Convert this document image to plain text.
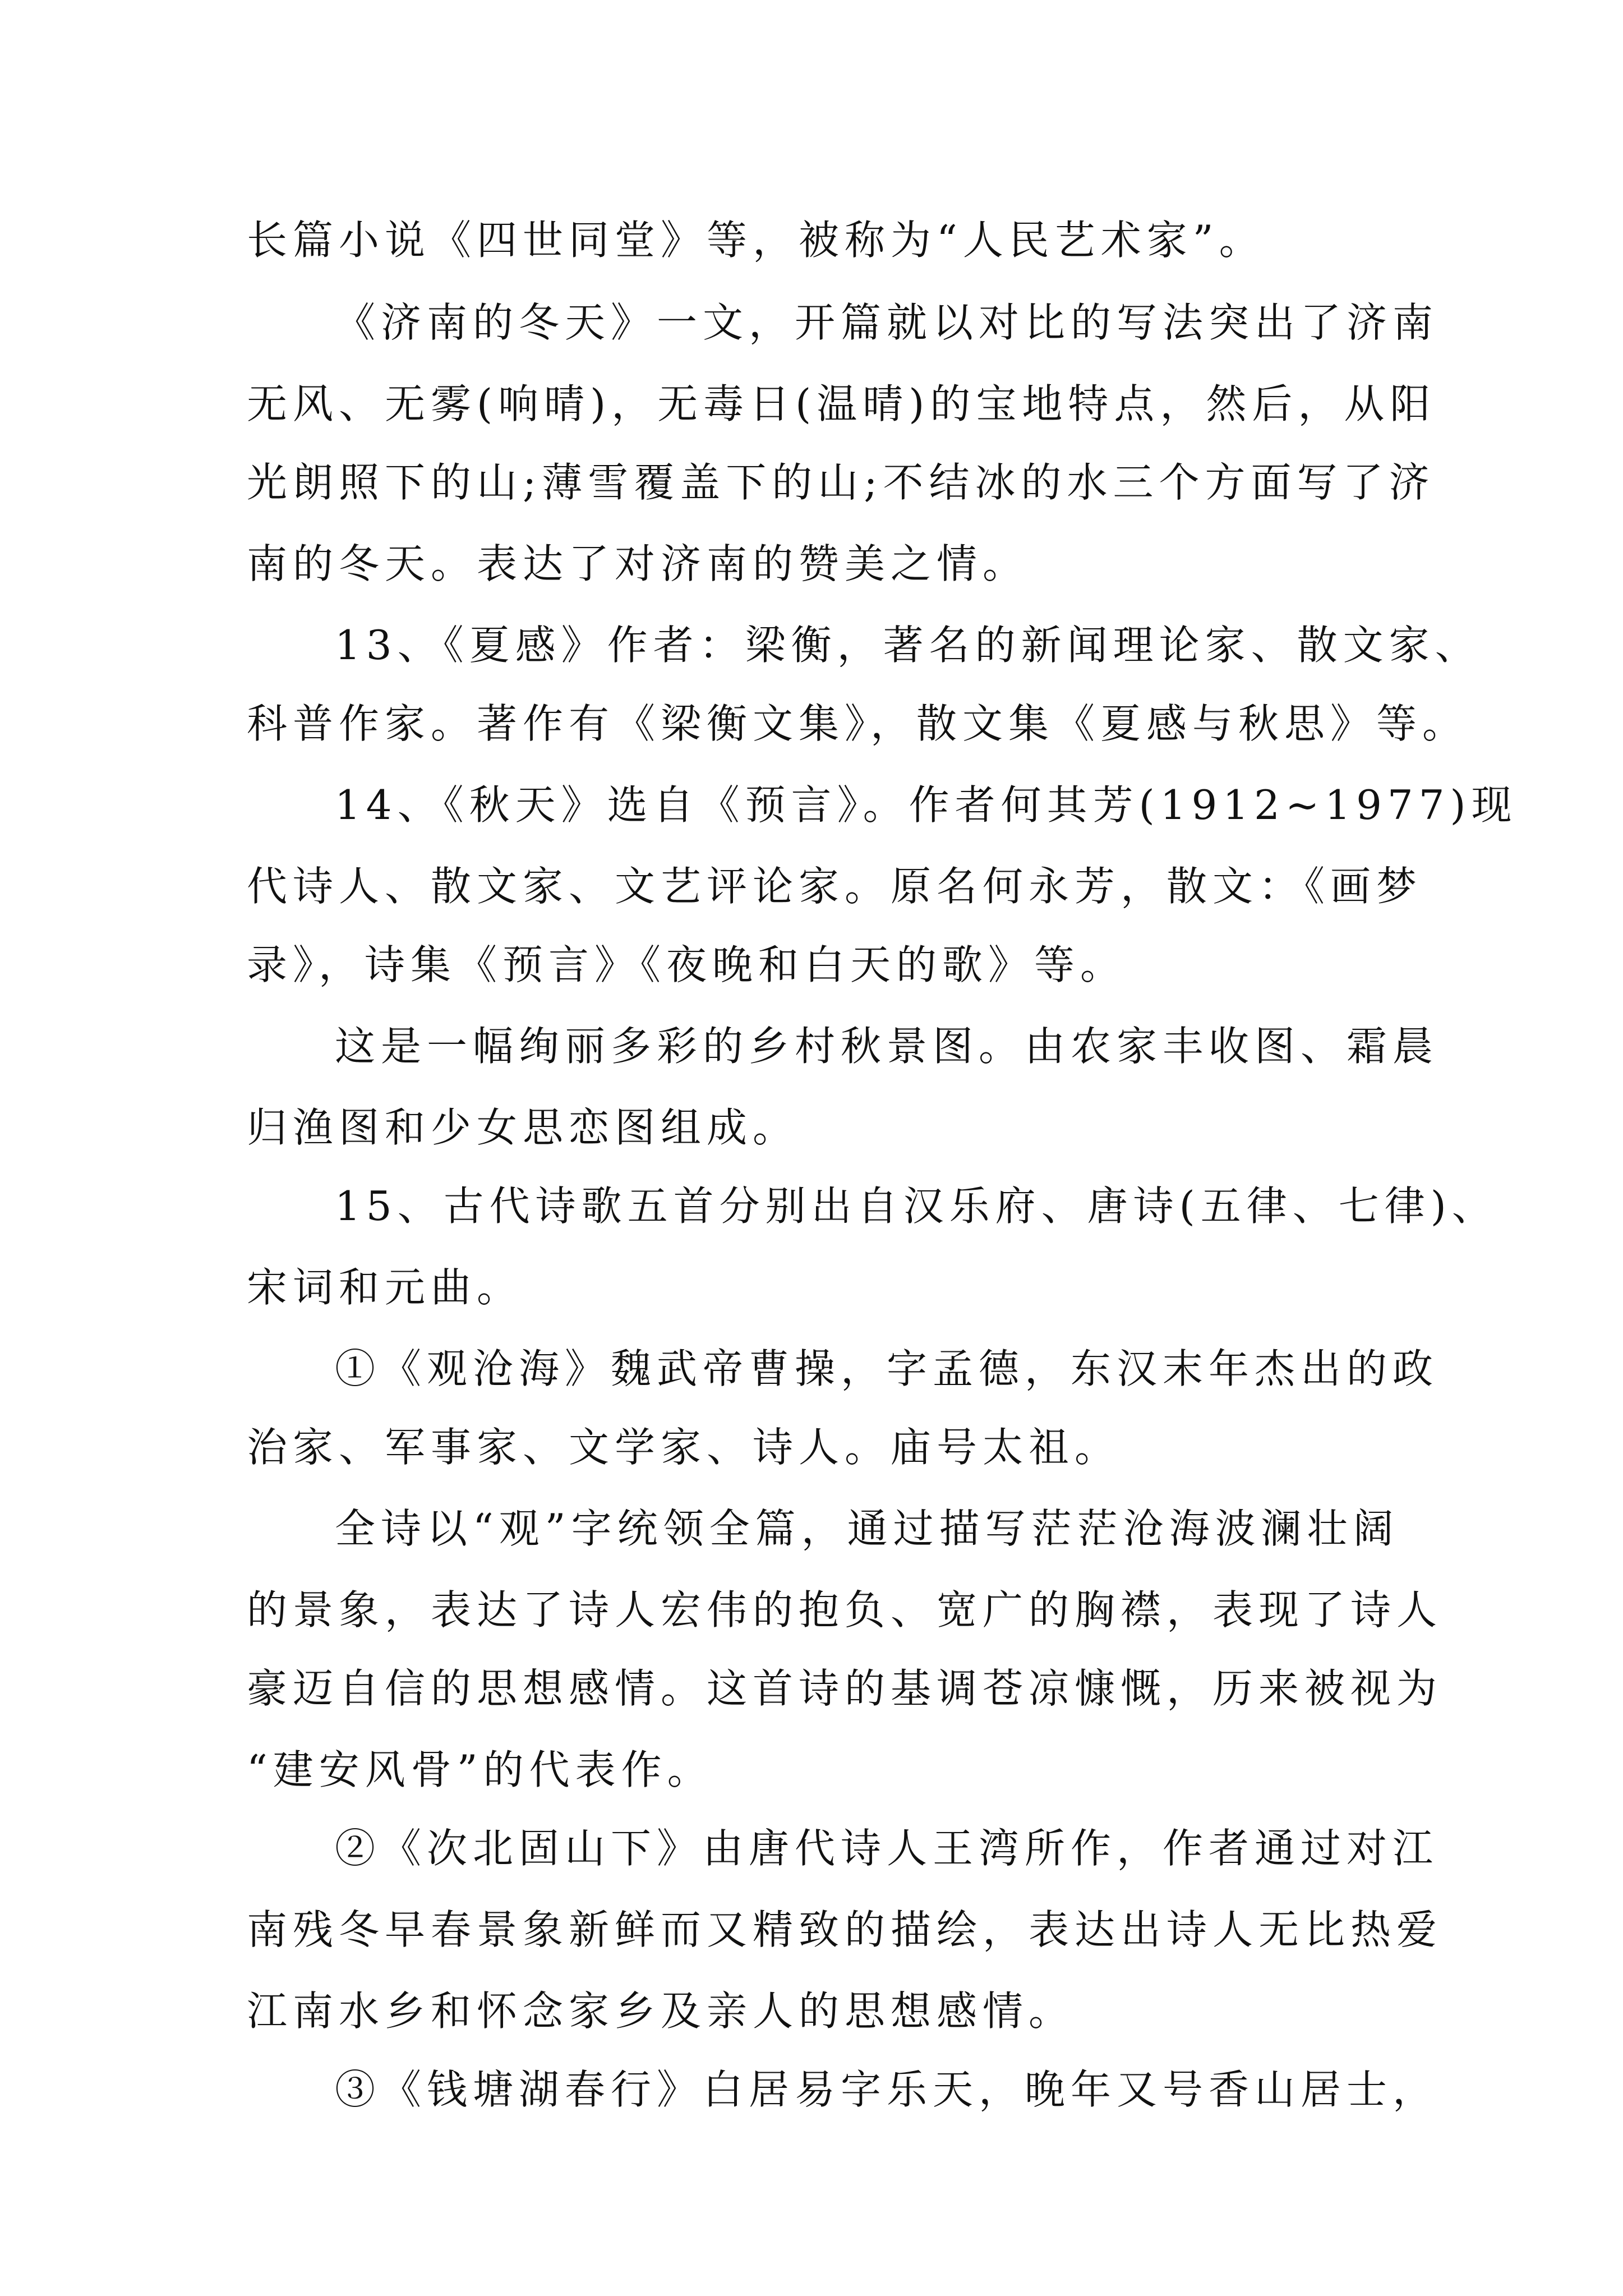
长篇小说《四世同堂》等，被称为“人民艺术家”。
《济南的冬天》一文，开篇就以对比的写法突出了济南
无风、无雾(响晴)，无毒日(温晴)的宝地特点，然后，从阳
光朗照下的山;薄雪覆盖下的山;不结冰的水三个方面写了济
南的冬天。表达了对济南的赞美之情。
13、《夏感》作者：梁衡，著名的新闻理论家、散文家、
科普作家。著作有《梁衡文集》，散文集《夏感与秋思》等。
14、《秋天》选自《预言》。作者何其芳(1912~1977)现
代诗人、散文家、文艺评论家。原名何永芳，散文：《画梦
录》，诗集《预言》《夜晚和白天的歌》等。
这是一幅绚丽多彩的乡村秋景图。由农家丰收图、霜晨
归渔图和少女思恋图组成。
15、古代诗歌五首分别出自汉乐府、唐诗(五律、七律)、
宋词和元曲。
①《观沧海》魏武帝曹操，字孟德，东汉末年杰出的政
治家、军事家、文学家、诗人。庙号太祖。
全诗以“观”字统领全篇，通过描写茫茫沧海波澜壮阔
的景象，表达了诗人宏伟的抱负、宽广的胸襟，表现了诗人
豪迈自信的思想感情。这首诗的基调苍凉慷慨，历来被视为
“建安风骨”的代表作。
②《次北固山下》由唐代诗人王湾所作，作者通过对江
南残冬早春景象新鲜而又精致的描绘，表达出诗人无比热爱
江南水乡和怀念家乡及亲人的思想感情。
③《钱塘湖春行》白居易字乐天，晚年又号香山居士，
